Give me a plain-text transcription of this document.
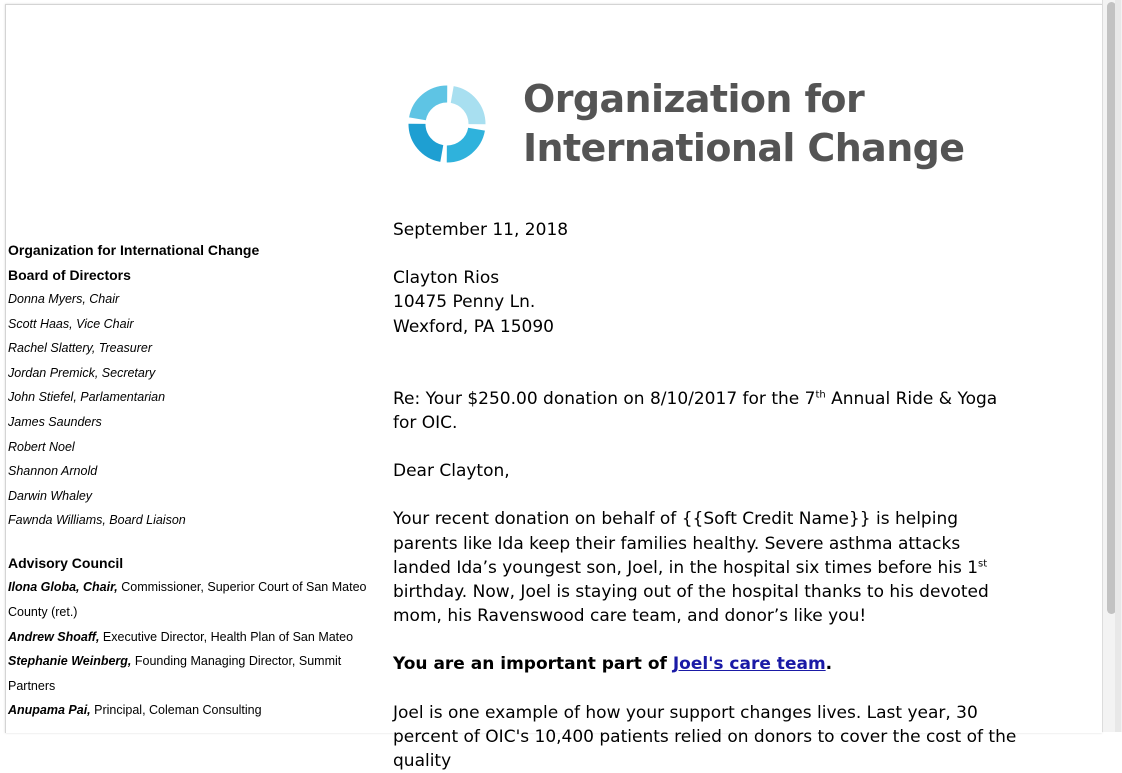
Organization for
International Change
Organization for International Change
Board of Directors
Donna Myers, Chair
Scott Haas, Vice Chair
Rachel Slattery, Treasurer
Jordan Premick, Secretary
John Stiefel, Parlamentarian
James Saunders
Robert Noel
Shannon Arnold
Darwin Whaley
Fawnda Williams, Board Liaison
Advisory Council
Ilona Globa, Chair, Commissioner, Superior Court of San Mateo County (ret.)
Andrew Shoaff, Executive Director, Health Plan of San Mateo
Stephanie Weinberg, Founding Managing Director, Summit Partners
Anupama Pai, Principal, Coleman Consulting

September 11, 2018

Clayton Rios

10475 Penny Ln.

Wexford, PA 15090

Re: Your $250.00 donation on 8/10/2017 for the 7th Annual Ride & Yoga for OIC.

Dear Clayton,

Your recent donation on behalf of {{Soft Credit Name}} is helping parents like Ida keep their families healthy. Severe asthma attacks landed Ida’s youngest son, Joel, in the hospital six times before his 1st birthday. Now, Joel is staying out of the hospital thanks to his devoted mom, his Ravenswood care team, and donor’s like you!

You are an important part of Joel's care team.

Joel is one example of how your support changes lives. Last year, 30 percent of OIC's 10,400 patients relied on donors to cover the cost of the quality
